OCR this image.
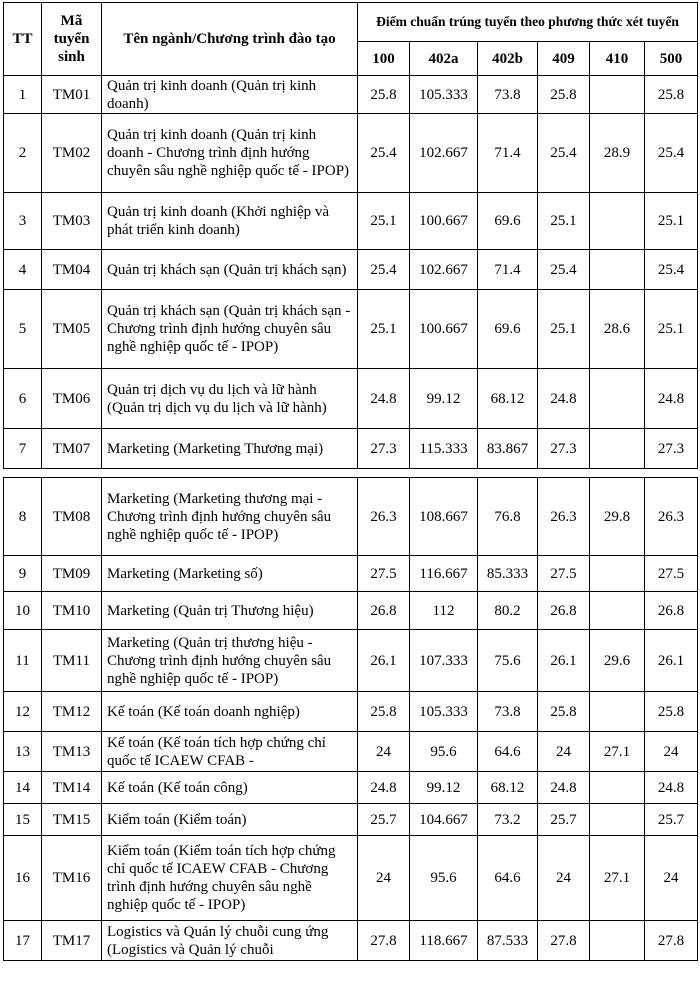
TT	Mã tuyển sinh	Tên ngành/Chương trình đào tạo	Điểm chuẩn trúng tuyển theo phương thức xét tuyển					
			100	402a	402b	409	410	500
1	TM01	Quản trị kinh doanh (Quản trị kinh doanh)	25.8	105.333	73.8	25.8		25.8
2	TM02	Quản trị kinh doanh (Quản trị kinh doanh - Chương trình định hướng chuyên sâu nghề nghiệp quốc tế - IPOP)	25.4	102.667	71.4	25.4	28.9	25.4
3	TM03	Quản trị kinh doanh (Khởi nghiệp và phát triển kinh doanh)	25.1	100.667	69.6	25.1		25.1
4	TM04	Quản trị khách sạn (Quản trị khách sạn)	25.4	102.667	71.4	25.4		25.4
5	TM05	Quản trị khách sạn (Quản trị khách sạn - Chương trình định hướng chuyên sâu nghề nghiệp quốc tế - IPOP)	25.1	100.667	69.6	25.1	28.6	25.1
6	TM06	Quản trị dịch vụ du lịch và lữ hành (Quản trị dịch vụ du lịch và lữ hành)	24.8	99.12	68.12	24.8		24.8
7	TM07	Marketing (Marketing Thương mại)	27.3	115.333	83.867	27.3		27.3
8	TM08	Marketing (Marketing thương mại - Chương trình định hướng chuyên sâu nghề nghiệp quốc tế - IPOP)	26.3	108.667	76.8	26.3	29.8	26.3
9	TM09	Marketing (Marketing số)	27.5	116.667	85.333	27.5		27.5
10	TM10	Marketing (Quản trị Thương hiệu)	26.8	112	80.2	26.8		26.8
11	TM11	Marketing (Quản trị thương hiệu - Chương trình định hướng chuyên sâu nghề nghiệp quốc tế - IPOP)	26.1	107.333	75.6	26.1	29.6	26.1
12	TM12	Kế toán (Kế toán doanh nghiệp)	25.8	105.333	73.8	25.8		25.8
13	TM13	Kế toán (Kế toán tích hợp chứng chỉ quốc tế ICAEW CFAB -	24	95.6	64.6	24	27.1	24
14	TM14	Kế toán (Kế toán công)	24.8	99.12	68.12	24.8		24.8
15	TM15	Kiểm toán (Kiểm toán)	25.7	104.667	73.2	25.7		25.7
16	TM16	Kiểm toán (Kiểm toán tích hợp chứng chỉ quốc tế ICAEW CFAB - Chương trình định hướng chuyên sâu nghề nghiệp quốc tế - IPOP)	24	95.6	64.6	24	27.1	24
17	TM17	Logistics và Quản lý chuỗi cung ứng (Logistics và Quản lý chuỗi	27.8	118.667	87.533	27.8		27.8
